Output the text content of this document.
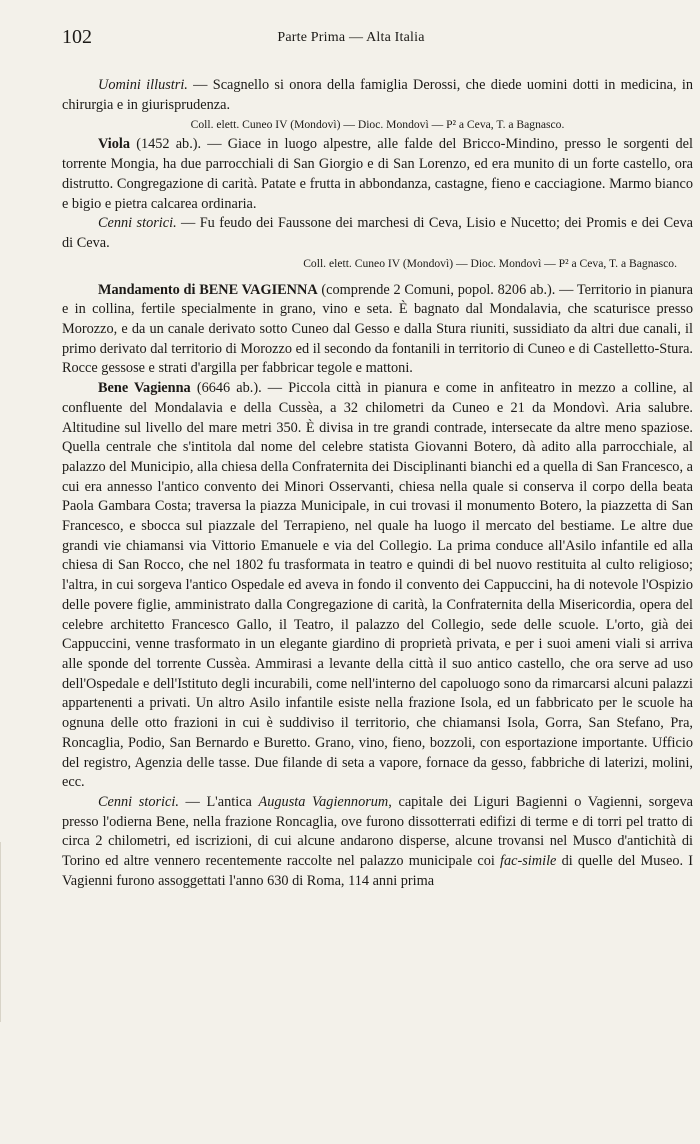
102	Parte Prima — Alta Italia

Uomini illustri. — Scagnello si onora della famiglia Derossi, che diede uomini dotti in medicina, in chirurgia e in giurisprudenza.

Coll. elett. Cuneo IV (Mondovì) — Dioc. Mondovì — P² a Ceva, T. a Bagnasco.

Viola (1452 ab.). — Giace in luogo alpestre, alle falde del Bricco-Mindino, presso le sorgenti del torrente Mongia, ha due parrocchiali di San Giorgio e di San Lorenzo, ed era munito di un forte castello, ora distrutto. Congregazione di carità. Patate e frutta in abbondanza, castagne, fieno e cacciagione. Marmo bianco e bigio e pietra calcarea ordinaria.

Cenni storici. — Fu feudo dei Faussone dei marchesi di Ceva, Lisio e Nucetto; dei Promis e dei Ceva di Ceva.

Coll. elett. Cuneo IV (Mondovì) — Dioc. Mondovì — P² a Ceva, T. a Bagnasco.

Mandamento di BENE VAGIENNA (comprende 2 Comuni, popol. 8206 ab.). — Territorio in pianura e in collina, fertile specialmente in grano, vino e seta. È bagnato dal Mondalavia, che scaturisce presso Morozzo, e da un canale derivato sotto Cuneo dal Gesso e dalla Stura riuniti, sussidiato da altri due canali, il primo derivato dal territorio di Morozzo ed il secondo da fontanili in territorio di Cuneo e di Castelletto-Stura. Rocce gessose e strati d'argilla per fabbricar tegole e mattoni.

Bene Vagienna (6646 ab.). — Piccola città in pianura e come in anfiteatro in mezzo a colline, al confluente del Mondalavia e della Cussèa, a 32 chilometri da Cuneo e 21 da Mondovì. Aria salubre. Altitudine sul livello del mare metri 350. È divisa in tre grandi contrade, intersecate da altre meno spaziose. Quella centrale che s'intitola dal nome del celebre statista Giovanni Botero, dà adito alla parrocchiale, al palazzo del Municipio, alla chiesa della Confraternita dei Disciplinanti bianchi ed a quella di San Francesco, a cui era annesso l'antico convento dei Minori Osservanti, chiesa nella quale si conserva il corpo della beata Paola Gambara Costa; traversa la piazza Municipale, in cui trovasi il monumento Botero, la piazzetta di San Francesco, e sbocca sul piazzale del Terrapieno, nel quale ha luogo il mercato del bestiame. Le altre due grandi vie chiamansi via Vittorio Emanuele e via del Collegio. La prima conduce all'Asilo infantile ed alla chiesa di San Rocco, che nel 1802 fu trasformata in teatro e quindi di bel nuovo restituita al culto religioso; l'altra, in cui sorgeva l'antico Ospedale ed aveva in fondo il convento dei Cappuccini, ha di notevole l'Ospizio delle povere figlie, amministrato dalla Congregazione di carità, la Confraternita della Misericordia, opera del celebre architetto Francesco Gallo, il Teatro, il palazzo del Collegio, sede delle scuole. L'orto, già dei Cappuccini, venne trasformato in un elegante giardino di proprietà privata, e per i suoi ameni viali si arriva alle sponde del torrente Cussèa. Ammirasi a levante della città il suo antico castello, che ora serve ad uso dell'Ospedale e dell'Istituto degli incurabili, come nell'interno del capoluogo sono da rimarcarsi alcuni palazzi appartenenti a privati. Un altro Asilo infantile esiste nella frazione Isola, ed un fabbricato per le scuole ha ognuna delle otto frazioni in cui è suddiviso il territorio, che chiamansi Isola, Gorra, San Stefano, Pra, Roncaglia, Podio, San Bernardo e Buretto. Grano, vino, fieno, bozzoli, con esportazione importante. Ufficio del registro, Agenzia delle tasse. Due filande di seta a vapore, fornace da gesso, fabbriche di laterizi, molini, ecc.

Cenni storici. — L'antica Augusta Vagiennorum, capitale dei Liguri Bagienni o Vagienni, sorgeva presso l'odierna Bene, nella frazione Roncaglia, ove furono dissotterrati edifizi di terme e di torri pel tratto di circa 2 chilometri, ed iscrizioni, di cui alcune andarono disperse, alcune trovansi nel Musco d'antichità di Torino ed altre vennero recentemente raccolte nel palazzo municipale coi fac-simile di quelle del Museo. I Vagienni furono assoggettati l'anno 630 di Roma, 114 anni prima
